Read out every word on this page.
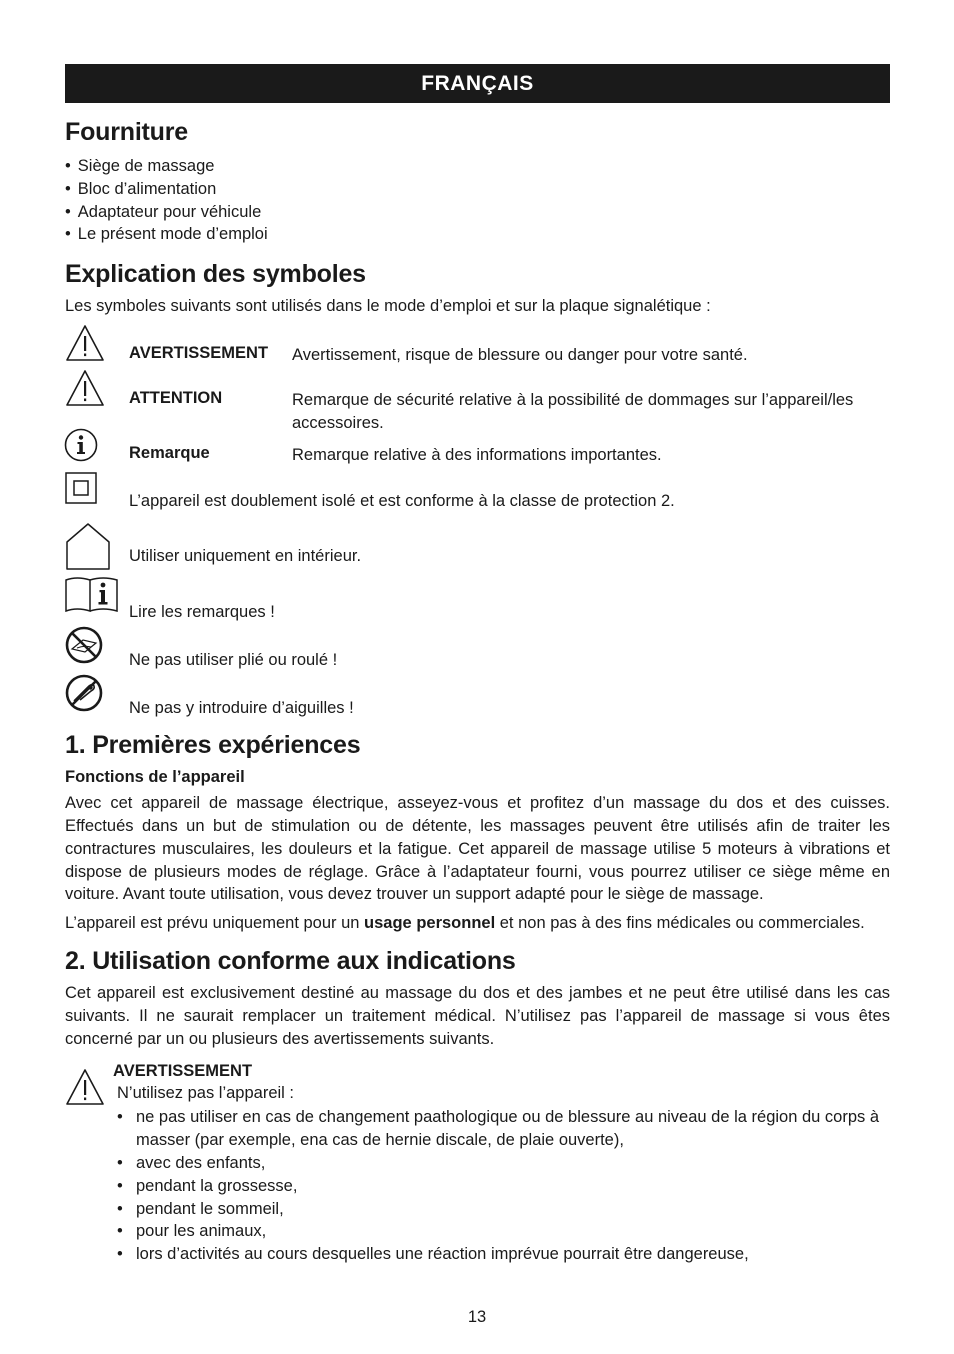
FRANÇAIS
Fourniture
• Siège de massage
• Bloc d’alimentation
• Adaptateur pour véhicule
• Le présent mode d’emploi
Explication des symboles
Les symboles suivants sont utilisés dans le mode d’emploi et sur la plaque signalétique :
AVERTISSEMENT Avertissement, risque de blessure ou danger pour votre santé.
ATTENTION	Remarque de sécurité relative à la possibilité de dommages sur l’appareil/les accessoires.
Remarque	Remarque relative à des informations importantes.
L’appareil est doublement isolé et est conforme à la classe de protection 2.
Utiliser uniquement en intérieur.
Lire les remarques !
Ne pas utiliser plié ou roulé !
Ne pas y introduire d’aiguilles !
1. Premières expériences
Fonctions de l’appareil

Avec cet appareil de massage électrique, asseyez-vous et profitez d’un massage du dos et des cuisses. Effectués dans un but de stimulation ou de détente, les massages peuvent être utilisés afin de traiter les contractures musculaires, les douleurs et la fatigue. Cet appareil de massage utilise 5 moteurs à vibrations et dispose de plusieurs modes de réglage. Grâce à l’adaptateur fourni, vous pourrez utiliser ce siège même en voiture. Avant toute utilisation, vous devez trouver un support adapté pour le siège de massage.

L’appareil est prévu uniquement pour un usage personnel et non pas à des fins médicales ou commerciales.

2. Utilisation conforme aux indications

Cet appareil est exclusivement destiné au massage du dos et des jambes et ne peut être utilisé dans les cas suivants. Il ne saurait remplacer un traitement médical. N’utilisez pas l’appareil de massage si vous êtes concerné par un ou plusieurs des avertissements suivants.

AVERTISSEMENT
N’utilisez pas l’appareil :
• ne pas utiliser en cas de changement paathologique ou de blessure au niveau de la région du corps à masser (par exemple, ena cas de hernie discale, de plaie ouverte),
• avec des enfants,
• pendant la grossesse,
• pendant le sommeil,
• pour les animaux,
• lors d’activités au cours desquelles une réaction imprévue pourrait être dangereuse,
13
